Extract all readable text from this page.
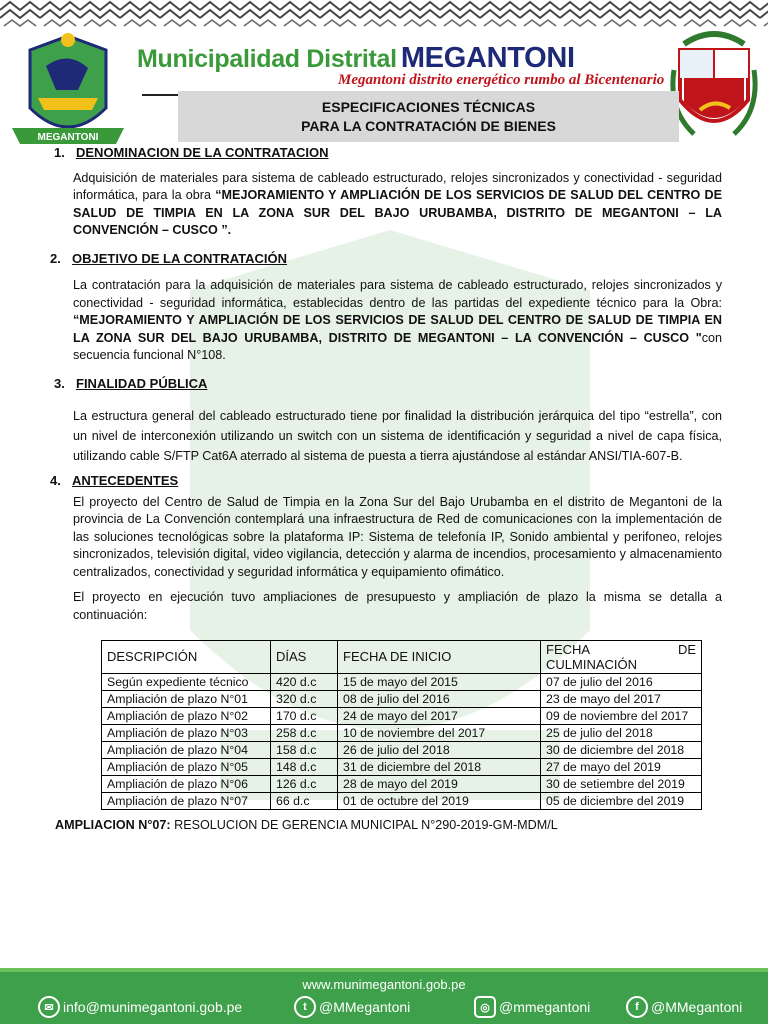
MEGANTONI
Municipalidad Distrital MEGANTONI
Megantoni distrito energético rumbo al Bicentenario
ESPECIFICACIONES TÉCNICAS
PARA LA CONTRATACIÓN DE BIENES
1. DENOMINACION DE LA CONTRATACION
Adquisición de materiales para sistema de cableado estructurado, relojes sincronizados y conectividad - seguridad informática, para la obra “MEJORAMIENTO Y AMPLIACIÓN DE LOS SERVICIOS DE SALUD DEL CENTRO DE SALUD DE TIMPIA EN LA ZONA SUR DEL BAJO URUBAMBA, DISTRITO DE MEGANTONI – LA CONVENCIÓN – CUSCO ”.
2. OBJETIVO DE LA CONTRATACIÓN
La contratación para la adquisición de materiales para sistema de cableado estructurado, relojes sincronizados y conectividad - seguridad informática, establecidas dentro de las partidas del expediente técnico para la Obra: “MEJORAMIENTO Y AMPLIACIÓN DE LOS SERVICIOS DE SALUD DEL CENTRO DE SALUD DE TIMPIA EN LA ZONA SUR DEL BAJO URUBAMBA, DISTRITO DE MEGANTONI – LA CONVENCIÓN – CUSCO "con secuencia funcional N°108.
3. FINALIDAD PÚBLICA
La estructura general del cableado estructurado tiene por finalidad la distribución jerárquica del tipo “estrella”, con un nivel de interconexión utilizando un switch con un sistema de identificación y seguridad a nivel de capa física, utilizando cable S/FTP Cat6A aterrado al sistema de puesta a tierra ajustándose al estándar ANSI/TIA-607-B.
4. ANTECEDENTES
El proyecto del Centro de Salud de Timpia en la Zona Sur del Bajo Urubamba en el distrito de Megantoni de la provincia de La Convención contemplará una infraestructura de Red de comunicaciones con la implementación de las soluciones tecnológicas sobre la plataforma IP: Sistema de telefonía IP, Sonido ambiental y perifoneo, relojes sincronizados, televisión digital, video vigilancia, detección y alarma de incendios, procesamiento y almacenamiento centralizados, conectividad y seguridad informática y equipamiento ofimático.
El proyecto en ejecución tuvo ampliaciones de presupuesto y ampliación de plazo la misma se detalla a continuación:
DESCRIPCIÓN	DÍAS	FECHA DE INICIO	FECHA DE CULMINACIÓN
Según expediente técnico	420 d.c	15 de mayo del 2015	07 de julio del 2016
Ampliación de plazo N°01	320 d.c	08 de julio del 2016	23 de mayo del 2017
Ampliación de plazo N°02	170 d.c	24 de mayo del 2017	09 de noviembre del 2017
Ampliación de plazo N°03	258 d.c	10 de noviembre del 2017	25 de julio del 2018
Ampliación de plazo N°04	158 d.c	26 de julio del 2018	30 de diciembre del 2018
Ampliación de plazo N°05	148 d.c	31 de diciembre del 2018	27 de mayo del 2019
Ampliación de plazo N°06	126 d.c	28 de mayo del 2019	30 de setiembre del 2019
Ampliación de plazo N°07	66 d.c	01 de octubre del 2019	05 de diciembre del 2019
AMPLIACION N°07: RESOLUCION DE GERENCIA MUNICIPAL N°290-2019-GM-MDM/L
www.munimegantoni.gob.pe
✉ info@munimegantoni.gob.pe	t @MMegantoni	◎ @mmegantoni	f @MMegantoni
